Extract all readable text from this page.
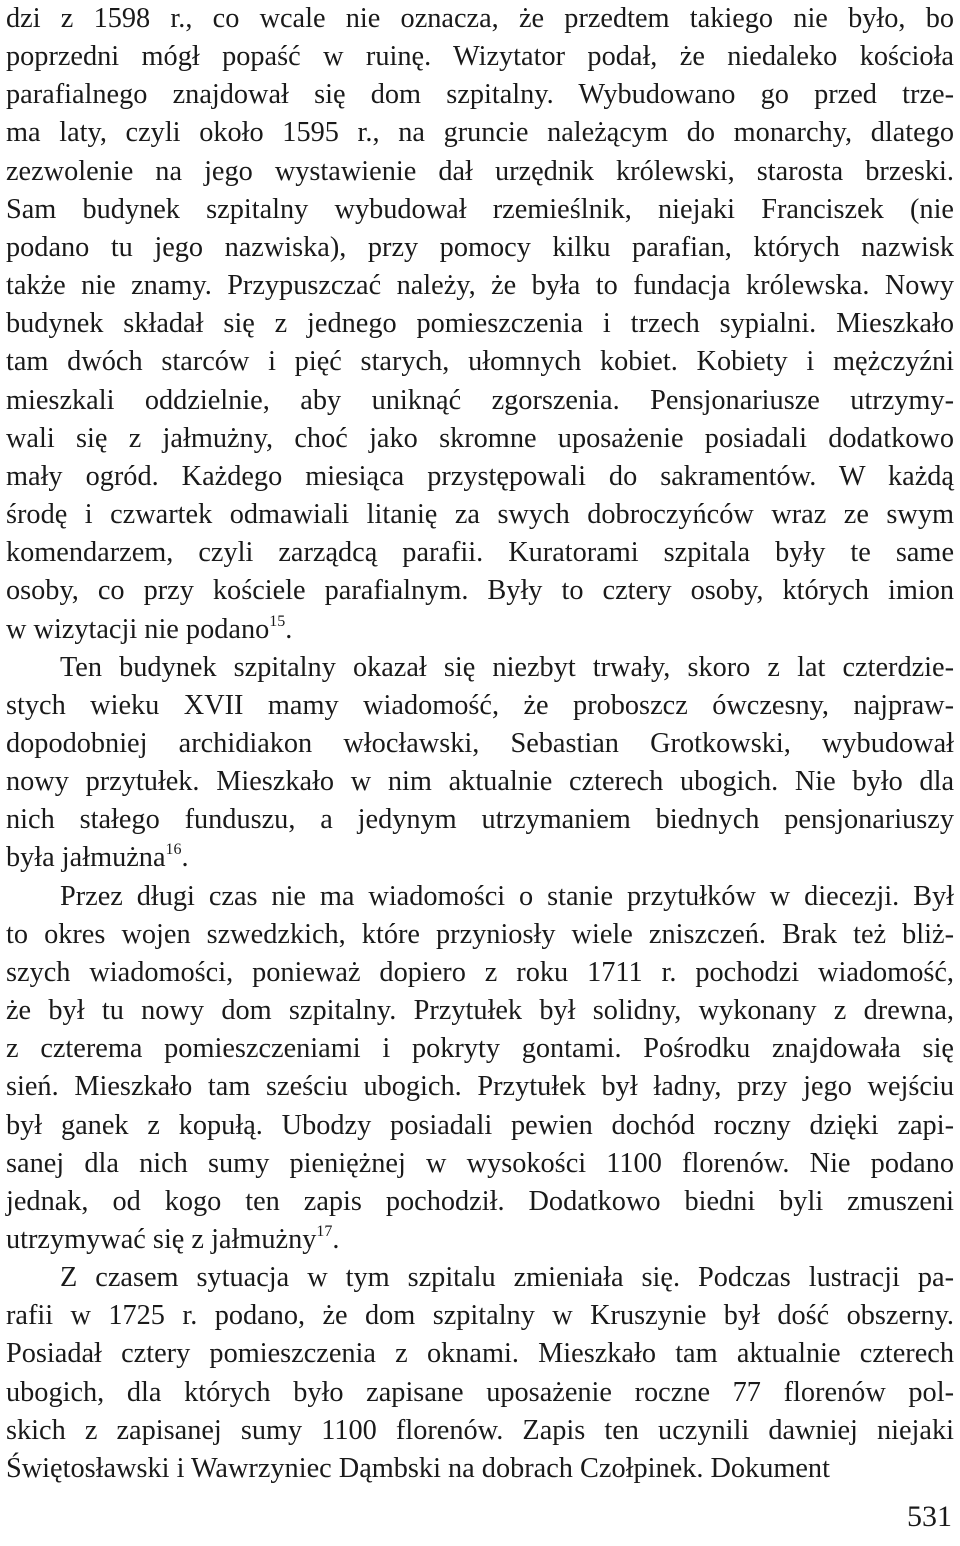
dzi z 1598 r., co wcale nie oznacza, że przedtem takiego nie było, bo
poprzedni mógł popaść w ruinę. Wizytator podał, że niedaleko kościoła
parafialnego znajdował się dom szpitalny. Wybudowano go przed trze-
ma laty, czyli około 1595 r., na gruncie należącym do monarchy, dlatego
zezwolenie na jego wystawienie dał urzędnik królewski, starosta brzeski.
Sam budynek szpitalny wybudował rzemieślnik, niejaki Franciszek (nie
podano tu jego nazwiska), przy pomocy kilku parafian, których nazwisk
także nie znamy. Przypuszczać należy, że była to fundacja królewska. Nowy
budynek składał się z jednego pomieszczenia i trzech sypialni. Mieszkało
tam dwóch starców i pięć starych, ułomnych kobiet. Kobiety i mężczyźni
mieszkali oddzielnie, aby uniknąć zgorszenia. Pensjonariusze utrzymy-
wali się z jałmużny, choć jako skromne uposażenie posiadali dodatkowo
mały ogród. Każdego miesiąca przystępowali do sakramentów. W każdą
środę i czwartek odmawiali litanię za swych dobroczyńców wraz ze swym
komendarzem, czyli zarządcą parafii. Kuratorami szpitala były te same
osoby, co przy kościele parafialnym. Były to cztery osoby, których imion
w wizytacji nie podano$^{15}$.
Ten budynek szpitalny okazał się niezbyt trwały, skoro z lat czterdzie-
stych wieku XVII mamy wiadomość, że proboszcz ówczesny, najpraw-
dopodobniej archidiakon włocławski, Sebastian Grotkowski, wybudował
nowy przytułek. Mieszkało w nim aktualnie czterech ubogich. Nie było dla
nich stałego funduszu, a jedynym utrzymaniem biednych pensjonariuszy
była jałmużna$^{16}$.
Przez długi czas nie ma wiadomości o stanie przytułków w diecezji. Był
to okres wojen szwedzkich, które przyniosły wiele zniszczeń. Brak też bliż-
szych wiadomości, ponieważ dopiero z roku 1711 r. pochodzi wiadomość,
że był tu nowy dom szpitalny. Przytułek był solidny, wykonany z drewna,
z czterema pomieszczeniami i pokryty gontami. Pośrodku znajdowała się
sień. Mieszkało tam sześciu ubogich. Przytułek był ładny, przy jego wejściu
był ganek z kopułą. Ubodzy posiadali pewien dochód roczny dzięki zapi-
sanej dla nich sumy pieniężnej w wysokości 1100 florenów. Nie podano
jednak, od kogo ten zapis pochodził. Dodatkowo biedni byli zmuszeni
utrzymywać się z jałmużny$^{17}$.
Z czasem sytuacja w tym szpitalu zmieniała się. Podczas lustracji pa-
rafii w 1725 r. podano, że dom szpitalny w Kruszynie był dość obszerny.
Posiadał cztery pomieszczenia z oknami. Mieszkało tam aktualnie czterech
ubogich, dla których było zapisane uposażenie roczne 77 florenów pol-
skich z zapisanej sumy 1100 florenów. Zapis ten uczynili dawniej niejaki
Świętosławski i Wawrzyniec Dąmbski na dobrach Czołpinek. Dokument
531
